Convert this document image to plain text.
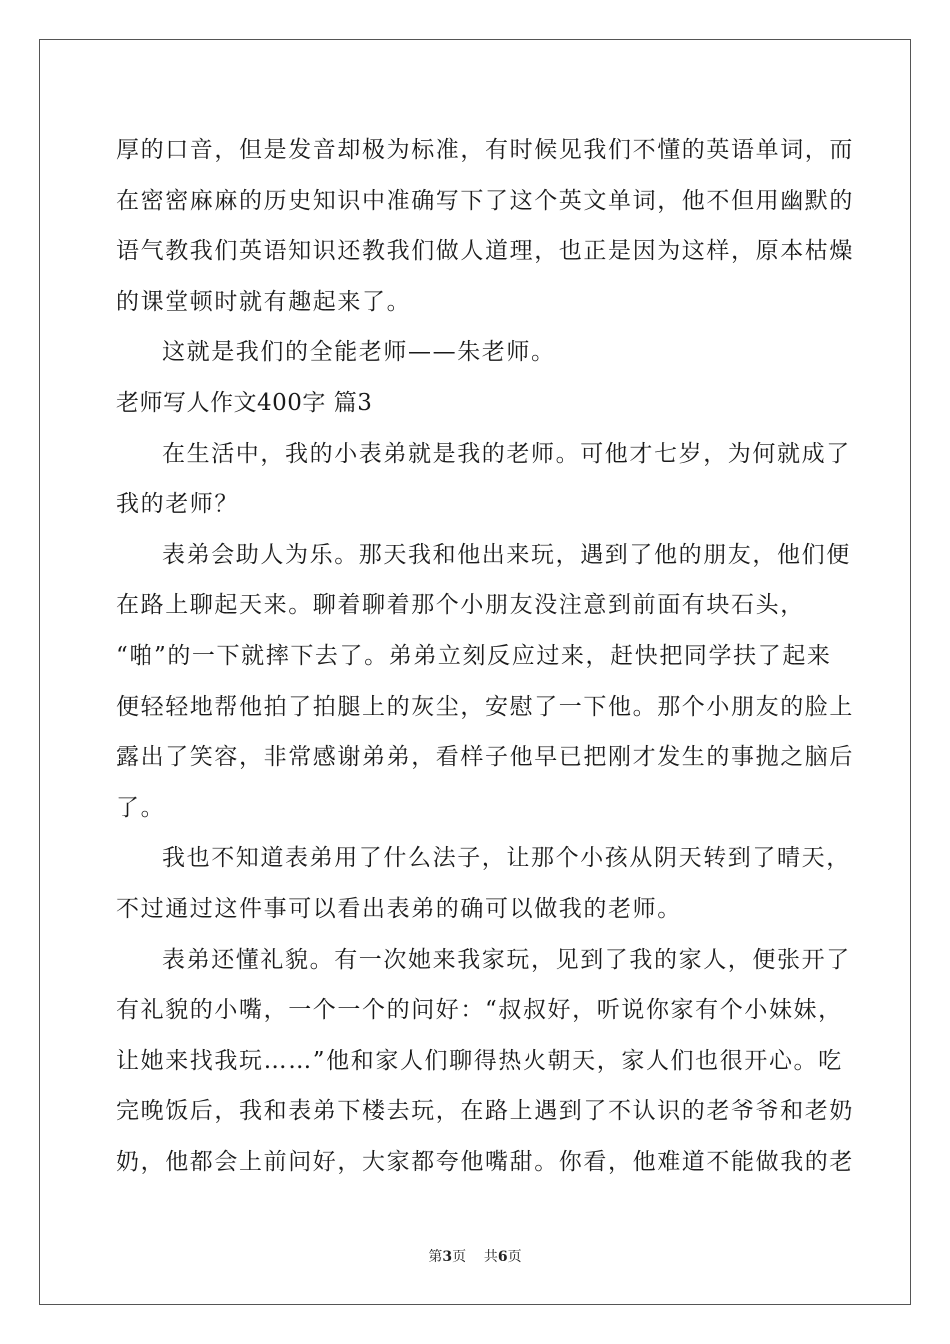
厚的口音，但是发音却极为标准，有时候见我们不懂的英语单词，而
在密密麻麻的历史知识中准确写下了这个英文单词，他不但用幽默的
语气教我们英语知识还教我们做人道理，也正是因为这样，原本枯燥
的课堂顿时就有趣起来了。
这就是我们的全能老师——朱老师。
老师写人作文400字 篇3
在生活中，我的小表弟就是我的老师。可他才七岁，为何就成了
我的老师？
表弟会助人为乐。那天我和他出来玩，遇到了他的朋友，他们便
在路上聊起天来。聊着聊着那个小朋友没注意到前面有块石头，
“啪”的一下就摔下去了。弟弟立刻反应过来，赶快把同学扶了起来
便轻轻地帮他拍了拍腿上的灰尘，安慰了一下他。那个小朋友的脸上
露出了笑容，非常感谢弟弟，看样子他早已把刚才发生的事抛之脑后
了。
我也不知道表弟用了什么法子，让那个小孩从阴天转到了晴天，
不过通过这件事可以看出表弟的确可以做我的老师。
表弟还懂礼貌。有一次她来我家玩，见到了我的家人，便张开了
有礼貌的小嘴，一个一个的问好：“叔叔好，听说你家有个小妹妹，
让她来找我玩……”他和家人们聊得热火朝天，家人们也很开心。吃
完晚饭后，我和表弟下楼去玩，在路上遇到了不认识的老爷爷和老奶
奶，他都会上前问好，大家都夸他嘴甜。你看，他难道不能做我的老
第3页 共6页
